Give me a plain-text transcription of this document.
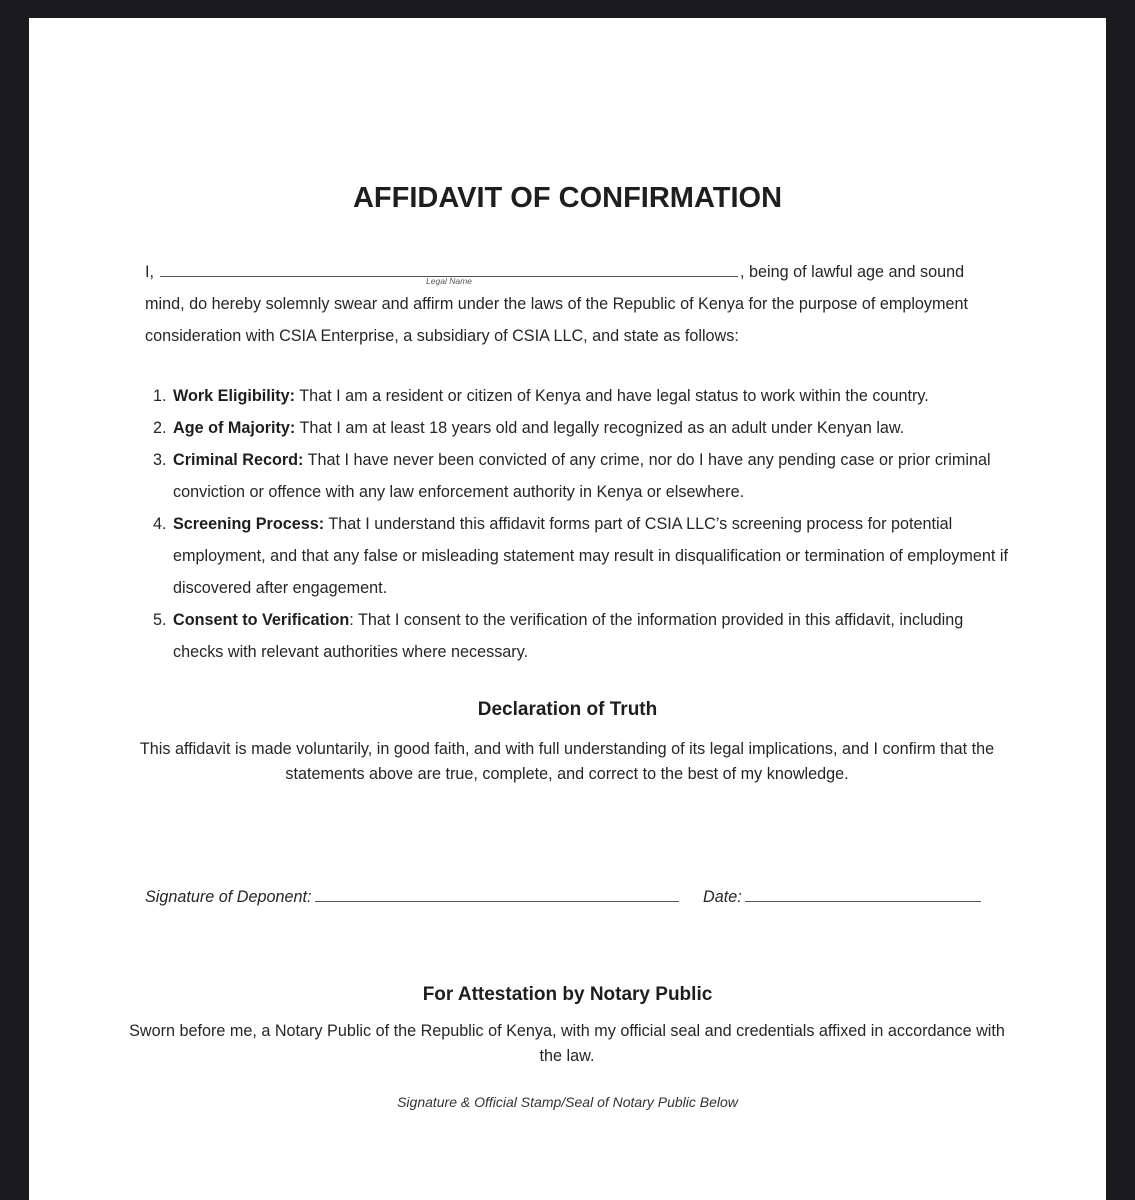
AFFIDAVIT OF CONFIRMATION
I,	Legal Name	, being of lawful age and sound
mind, do hereby solemnly swear and affirm under the laws of the Republic of Kenya for the purpose of employment consideration with CSIA Enterprise, a subsidiary of CSIA LLC, and state as follows:
1. Work Eligibility: That I am a resident or citizen of Kenya and have legal status to work within the country.
2. Age of Majority: That I am at least 18 years old and legally recognized as an adult under Kenyan law.
3. Criminal Record: That I have never been convicted of any crime, nor do I have any pending case or prior criminal conviction or offence with any law enforcement authority in Kenya or elsewhere.
4. Screening Process: That I understand this affidavit forms part of CSIA LLC’s screening process for potential employment, and that any false or misleading statement may result in disqualification or termination of employment if discovered after engagement.
5. Consent to Verification: That I consent to the verification of the information provided in this affidavit, including checks with relevant authorities where necessary.
Declaration of Truth
This affidavit is made voluntarily, in good faith, and with full understanding of its legal implications, and I confirm that the statements above are true, complete, and correct to the best of my knowledge.
Signature of Deponent:	Date:
For Attestation by Notary Public
Sworn before me, a Notary Public of the Republic of Kenya, with my official seal and credentials affixed in accordance with the law.
Signature & Official Stamp/Seal of Notary Public Below
